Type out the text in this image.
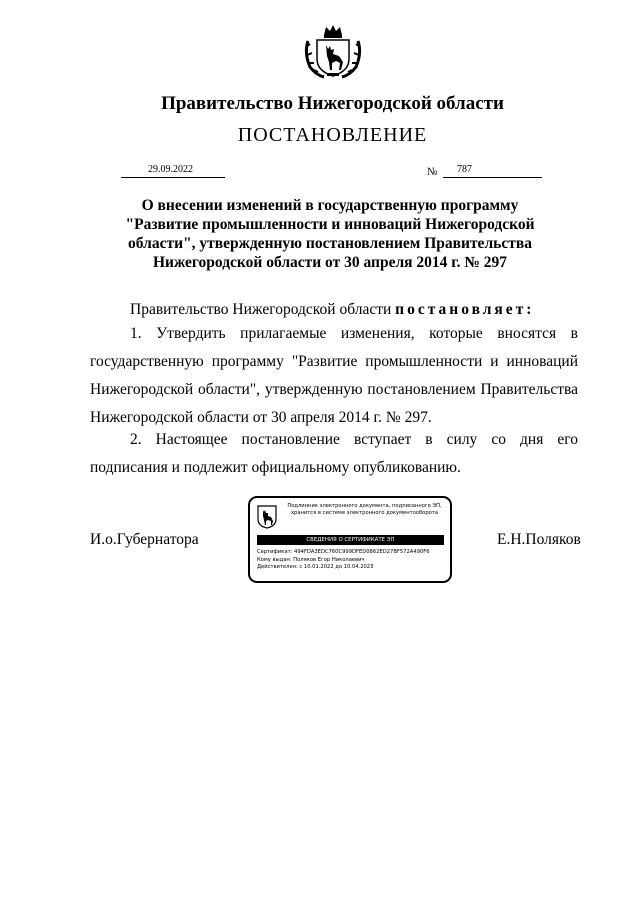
Правительство Нижегородской области
ПОСТАНОВЛЕНИЕ
29.09.2022	№ 787
О внесении изменений в государственную программу "Развитие промышленности и инноваций Нижегородской области", утвержденную постановлением Правительства Нижегородской области от 30 апреля 2014 г. № 297
Правительство Нижегородской области постановляет:
1. Утвердить прилагаемые изменения, которые вносятся в государственную программу "Развитие промышленности и инноваций Нижегородской области", утвержденную постановлением Правительства Нижегородской области от 30 апреля 2014 г. № 297.
2. Настоящее постановление вступает в силу со дня его подписания и подлежит официальному опубликованию.
И.о.Губернатора	Е.Н.Поляков
Подлинник электронного документа, подписанного ЭП,
хранится в системе электронного документооборота
СВЕДЕНИЯ О СЕРТИФИКАТЕ ЭП
Сертификат: 494FDA3EDC760C999DFED0862ED27BF572A490F6
Кому выдан: Поляков Егор Николаевич
Действителен: с 10.01.2022 до 10.04.2023
